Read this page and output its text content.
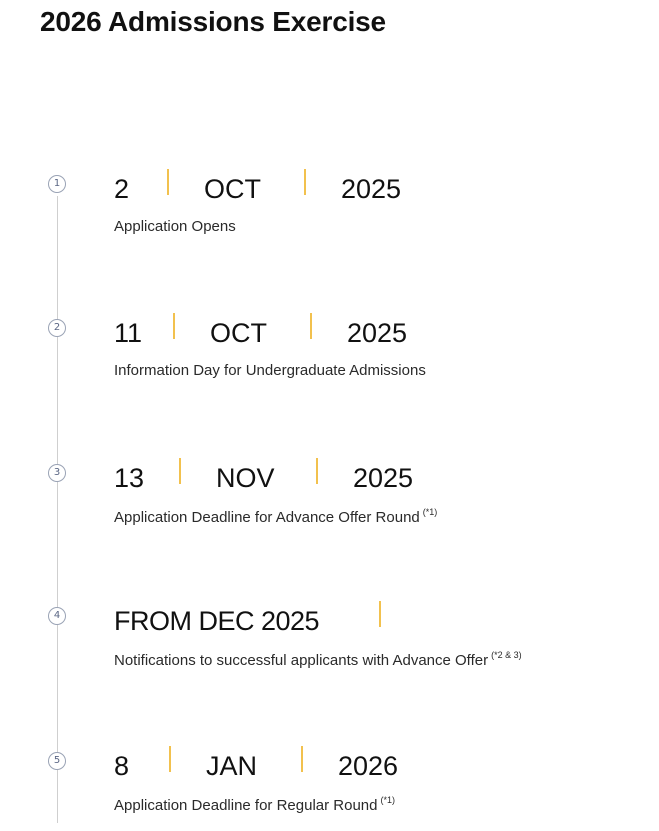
2026 Admissions Exercise
1 2	OCT	2025
Application Opens
2 11	OCT	2025
Information Day for Undergraduate Admissions
3 13	NOV	2025
Application Deadline for Advance Offer Round $^{(*1)}$
4 FROM DEC 2025
Notifications to successful applicants with Advance Offer $^{(*2 \& 3)}$
5 8	JAN	2026
Application Deadline for Regular Round $^{(*1)}$
